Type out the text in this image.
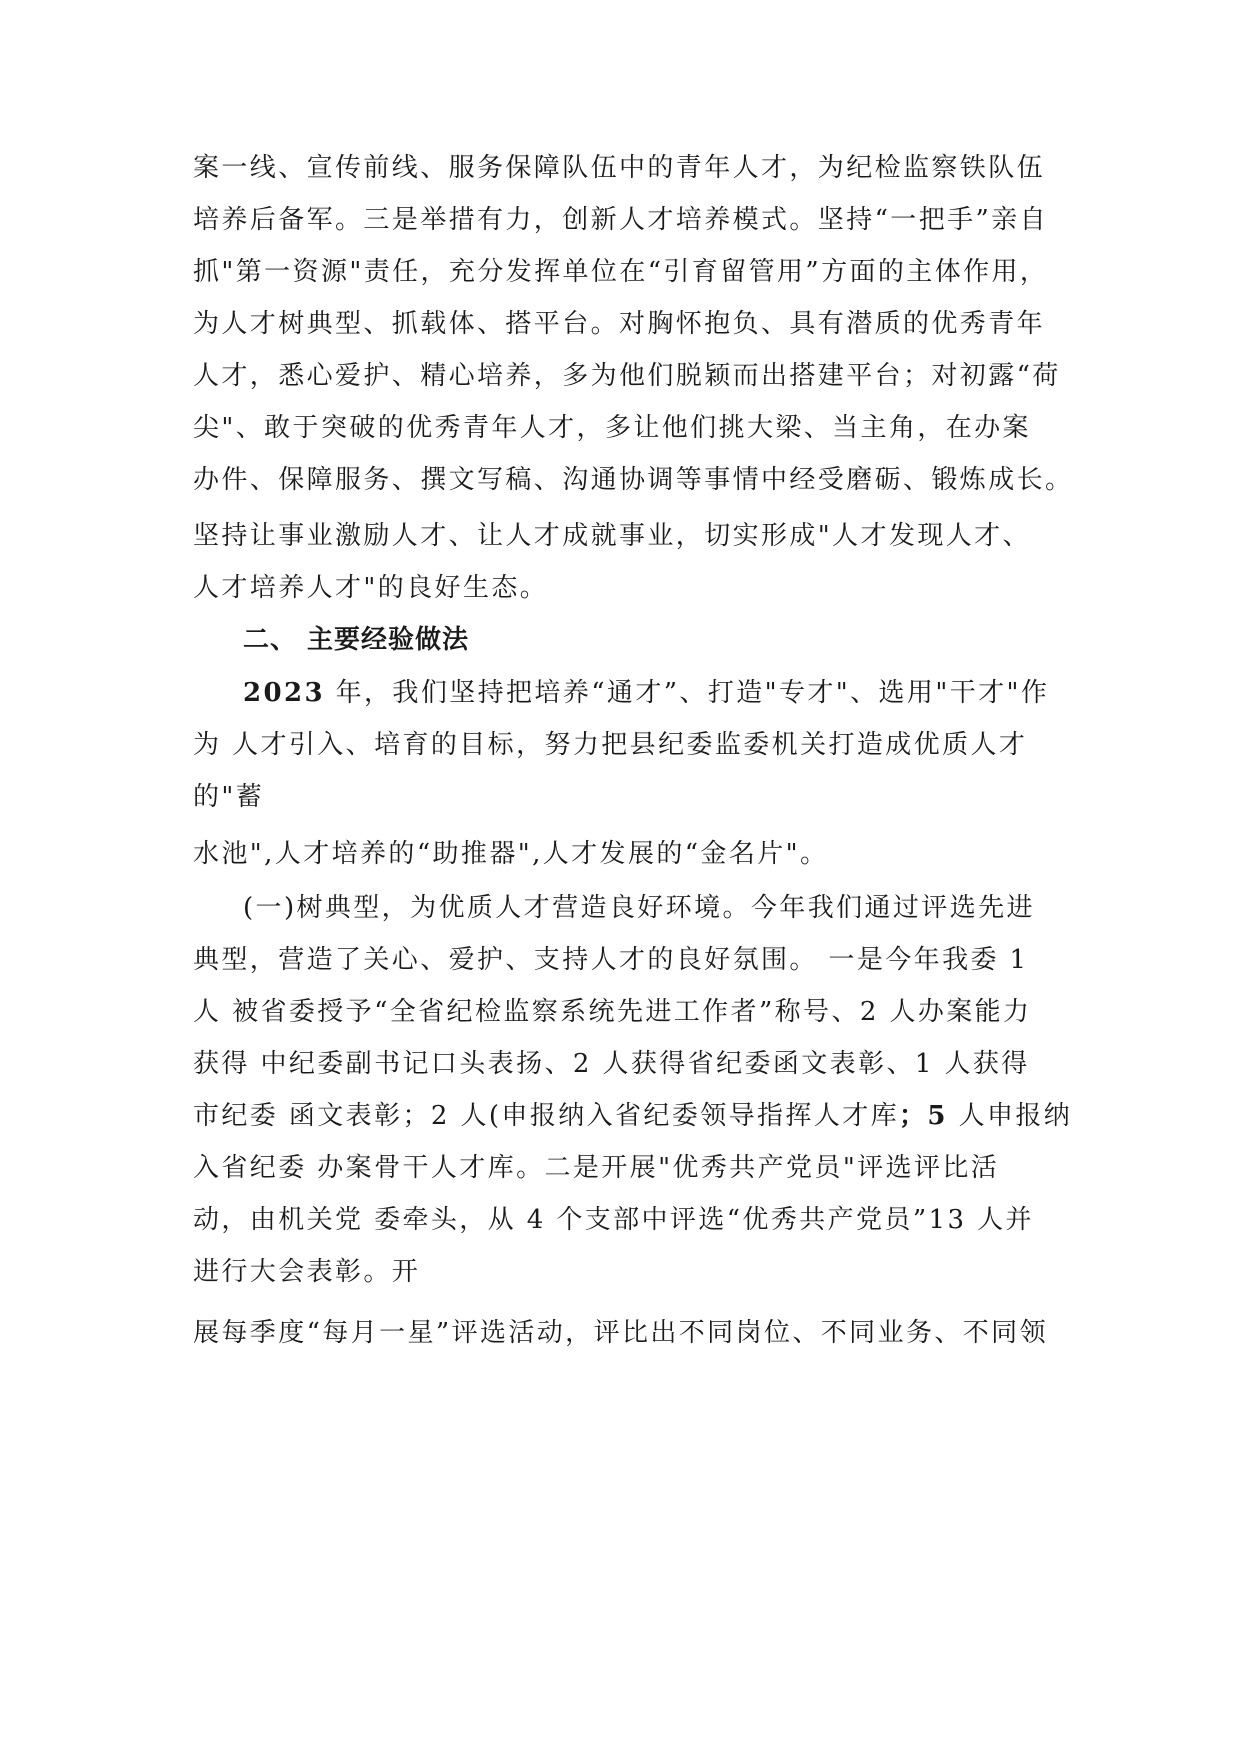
案一线、宣传前线、服务保障队伍中的青年人才，为纪检监察铁队伍
培养后备军。三是举措有力，创新人才培养模式。坚持“一把手”亲自
抓"第一资源"责任，充分发挥单位在“引育留管用”方面的主体作用，
为人才树典型、抓载体、搭平台。对胸怀抱负、具有潜质的优秀青年
人才，悉心爱护、精心培养，多为他们脱颖而出搭建平台；对初露“荷
尖"、敢于突破的优秀青年人才，多让他们挑大梁、当主角，在办案
办件、保障服务、撰文写稿、沟通协调等事情中经受磨砺、锻炼成长。
坚持让事业激励人才、让人才成就事业，切实形成"人才发现人才、
人才培养人才"的良好生态。
二、 主要经验做法
2023 年，我们坚持把培养“通才”、打造"专才"、选用"干才"作
为 人才引入、培育的目标，努力把县纪委监委机关打造成优质人才
的"蓄
水池",人才培养的“助推器",人才发展的“金名片"。
(一)树典型，为优质人才营造良好环境。今年我们通过评选先进
典型，营造了关心、爱护、支持人才的良好氛围。 一是今年我委 1
人 被省委授予“全省纪检监察系统先进工作者”称号、2 人办案能力
获得 中纪委副书记口头表扬、2 人获得省纪委函文表彰、1 人获得
市纪委 函文表彰；2 人(申报纳入省纪委领导指挥人才库；5 人申报纳
入省纪委 办案骨干人才库。二是开展"优秀共产党员"评选评比活
动，由机关党 委牵头，从 4 个支部中评选“优秀共产党员”13 人并
进行大会表彰。开
展每季度“每月一星”评选活动，评比出不同岗位、不同业务、不同领
